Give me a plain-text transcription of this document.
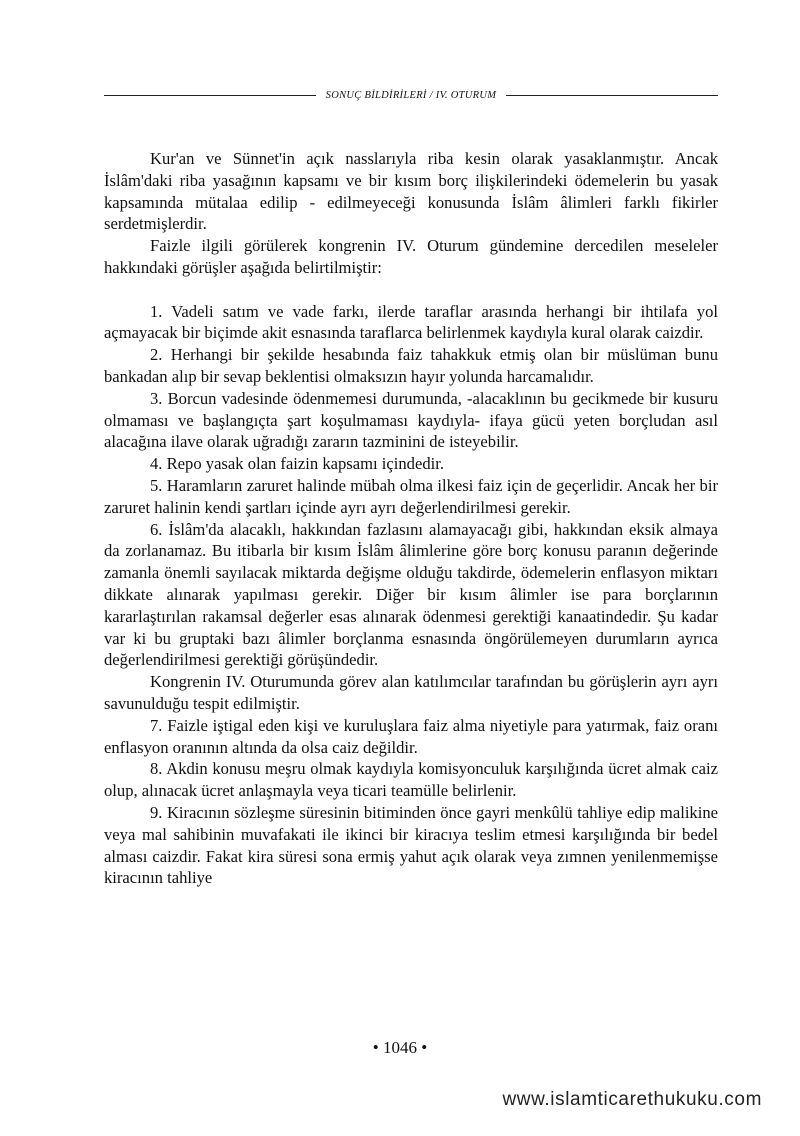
SONUÇ BİLDİRİLERİ / IV. OTURUM

Kur'an ve Sünnet'in açık nasslarıyla riba kesin olarak yasaklanmıştır. Ancak İslâm'daki riba yasağının kapsamı ve bir kısım borç ilişkilerindeki ödemelerin bu yasak kapsamında mütalaa edilip - edilmeyeceği konusunda İslâm âlimleri farklı fikirler serdetmişlerdir.

Faizle ilgili görülerek kongrenin IV. Oturum gündemine dercedilen meseleler hakkındaki görüşler aşağıda belirtilmiştir:

1. Vadeli satım ve vade farkı, ilerde taraflar arasında herhangi bir ihtilafa yol açmayacak bir biçimde akit esnasında taraflarca belirlenmek kaydıyla kural olarak caizdir.

2. Herhangi bir şekilde hesabında faiz tahakkuk etmiş olan bir müslüman bunu bankadan alıp bir sevap beklentisi olmaksızın hayır yolunda harcamalıdır.

3. Borcun vadesinde ödenmemesi durumunda, -alacaklının bu gecikmede bir kusuru olmaması ve başlangıçta şart koşulmaması kaydıyla- ifaya gücü yeten borçludan asıl alacağına ilave olarak uğradığı zararın tazminini de isteyebilir.

4. Repo yasak olan faizin kapsamı içindedir.

5. Haramların zaruret halinde mübah olma ilkesi faiz için de geçerlidir. Ancak her bir zaruret halinin kendi şartları içinde ayrı ayrı değerlendirilmesi gerekir.

6. İslâm'da alacaklı, hakkından fazlasını alamayacağı gibi, hakkından eksik almaya da zorlanamaz. Bu itibarla bir kısım İslâm âlimlerine göre borç konusu paranın değerinde zamanla önemli sayılacak miktarda değişme olduğu takdirde, ödemelerin enflasyon miktarı dikkate alınarak yapılması gerekir. Diğer bir kısım âlimler ise para borçlarının kararlaştırılan rakamsal değerler esas alınarak ödenmesi gerektiği kanaatindedir. Şu kadar var ki bu gruptaki bazı âlimler borçlanma esnasında öngörülemeyen durumların ayrıca değerlendirilmesi gerektiği görüşündedir.

Kongrenin IV. Oturumunda görev alan katılımcılar tarafından bu görüşlerin ayrı ayrı savunulduğu tespit edilmiştir.

7. Faizle iştigal eden kişi ve kuruluşlara faiz alma niyetiyle para yatırmak, faiz oranı enflasyon oranının altında da olsa caiz değildir.

8. Akdin konusu meşru olmak kaydıyla komisyonculuk karşılığında ücret almak caiz olup, alınacak ücret anlaşmayla veya ticari teamülle belirlenir.

9. Kiracının sözleşme süresinin bitiminden önce gayri menkûlü tahliye edip malikine veya mal sahibinin muvafakati ile ikinci bir kiracıya teslim etmesi karşılığında bir bedel alması caizdir. Fakat kira süresi sona ermiş yahut açık olarak veya zımnen yenilenmemişse kiracının tahliye

• 1046 •
www.islamticarethukuku.com
